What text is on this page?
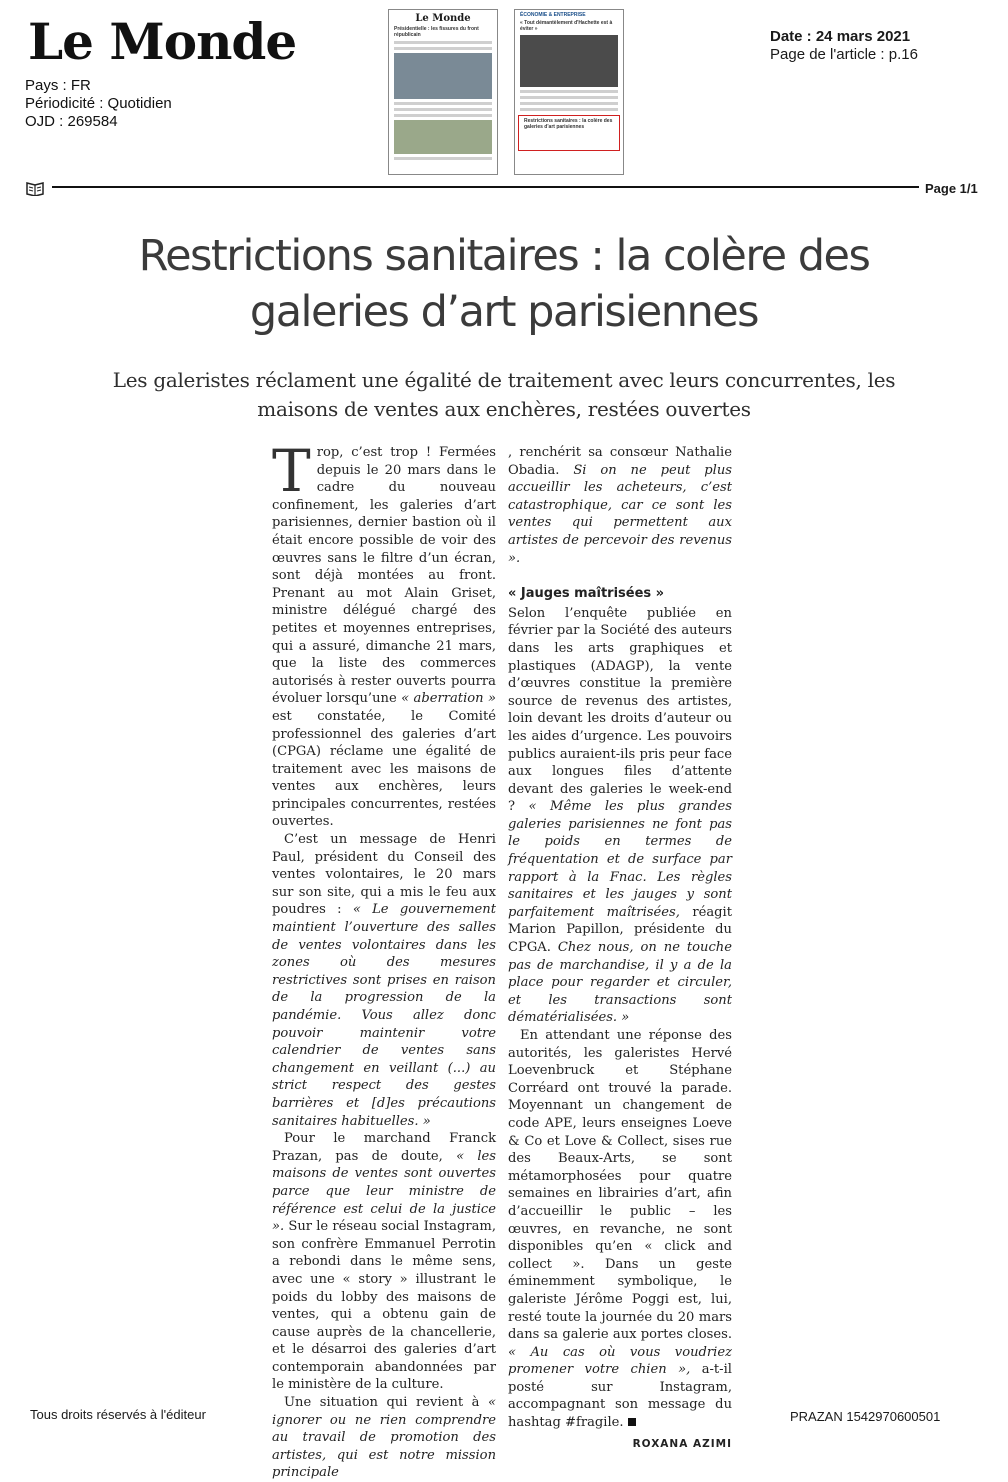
Le Monde
Pays : FR
Périodicité : Quotidien
OJD : 269584
Le Monde
Présidentielle : les fissures du front républicain
ÉCONOMIE & ENTREPRISE
« Tout démantèlement d'Hachette est à éviter »
Restrictions sanitaires : la colère des galeries d'art parisiennes
Date : 24 mars 2021
Page de l'article : p.16
Page 1/1
Restrictions sanitaires : la colère des galeries d’art parisiennes
Les galeristes réclament une égalité de traitement avec leurs concurrentes, les maisons de ventes aux enchères, restées ouvertes

Trop, c’est trop ! Fermées depuis le 20 mars dans le cadre du nouveau confinement, les galeries d’art parisiennes, dernier bastion où il était encore possible de voir des œuvres sans le filtre d’un écran, sont déjà montées au front. Prenant au mot Alain Griset, ministre délégué chargé des petites et moyennes entreprises, qui a assuré, dimanche 21 mars, que la liste des commerces autorisés à rester ouverts pourra évoluer lorsqu’une « aberration » est constatée, le Comité professionnel des galeries d’art (CPGA) réclame une égalité de traitement avec les maisons de ventes aux enchères, leurs principales concurrentes, restées ouvertes.

C’est un message de Henri Paul, président du Conseil des ventes volontaires, le 20 mars sur son site, qui a mis le feu aux poudres : « Le gouvernement maintient l’ouverture des salles de ventes volontaires dans les zones où des mesures restrictives sont prises en raison de la progression de la pandémie. Vous allez donc pouvoir maintenir votre calendrier de ventes sans changement en veillant (...) au strict respect des gestes barrières et [d]es précautions sanitaires habituelles. »

Pour le marchand Franck Prazan, pas de doute, « les maisons de ventes sont ouvertes parce que leur ministre de référence est celui de la justice ». Sur le réseau social Instagram, son confrère Emmanuel Perrotin a rebondi dans le même sens, avec une « story » illustrant le poids du lobby des maisons de ventes, qui a obtenu gain de cause auprès de la chancellerie, et le désarroi des galeries d’art contemporain abandonnées par le ministère de la culture.

Une situation qui revient à « ignorer ou ne rien comprendre au travail de promotion des artistes, qui est notre mission principale

, renchérit sa consœur Nathalie Obadia. Si on ne peut plus accueillir les acheteurs, c’est catastrophique, car ce sont les ventes qui permettent aux artistes de percevoir des revenus ».

« Jauges maîtrisées »

Selon l’enquête publiée en février par la Société des auteurs dans les arts graphiques et plastiques (ADAGP), la vente d’œuvres constitue la première source de revenus des artistes, loin devant les droits d’auteur ou les aides d’urgence. Les pouvoirs publics auraient-ils pris peur face aux longues files d’attente devant des galeries le week-end ? « Même les plus grandes galeries parisiennes ne font pas le poids en termes de fréquentation et de surface par rapport à la Fnac. Les règles sanitaires et les jauges y sont parfaitement maîtrisées, réagit Marion Papillon, présidente du CPGA. Chez nous, on ne touche pas de marchandise, il y a de la place pour regarder et circuler, et les transactions sont dématérialisées. »

En attendant une réponse des autorités, les galeristes Hervé Loevenbruck et Stéphane Corréard ont trouvé la parade. Moyennant un changement de code APE, leurs enseignes Loeve & Co et Love & Collect, sises rue des Beaux-Arts, se sont métamorphosées pour quatre semaines en librairies d’art, afin d’accueillir le public – les œuvres, en revanche, ne sont disponibles qu’en « click and collect ». Dans un geste éminemment symbolique, le galeriste Jérôme Poggi est, lui, resté toute la journée du 20 mars dans sa galerie aux portes closes. « Au cas où vous voudriez promener votre chien », a-t-il posté sur Instagram, accompagnant son message du hashtag #fragile.

ROXANA AZIMI
Tous droits réservés à l'éditeur	PRAZAN 1542970600501
